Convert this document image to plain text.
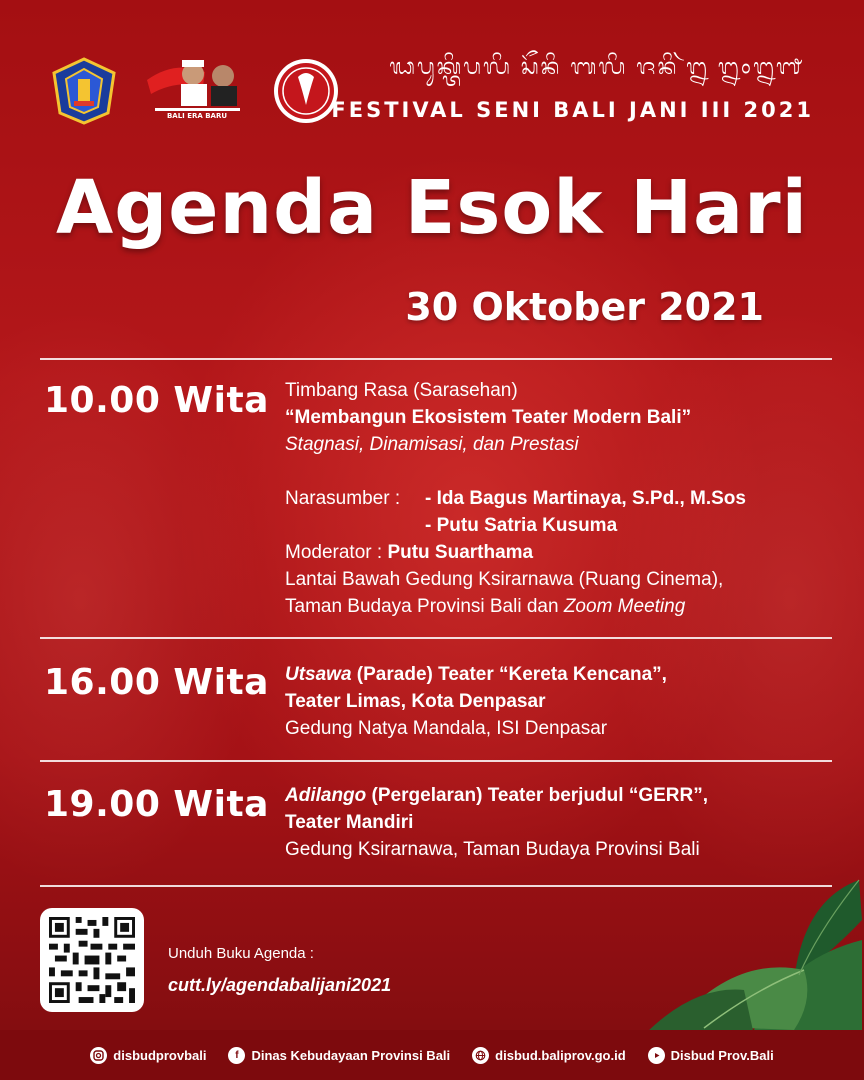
BALI ERA BARU
ᬖᬧᬸᬓ᭄ᬢᬶᬧᬮᬶ ᬲᭂᬦᬶ ᬩᬮᬶ ᬚᬦᬶ ᬃ᭒ ᭒᭐᭒᭑
FESTIVAL SENI BALI JANI III 2021
Agenda Esok Hari
30 Oktober 2021
10.00 Wita Timbang Rasa (Sarasehan)
“Membangun Ekosistem Teater Modern Bali”
Stagnasi, Dinamisasi, dan Prestasi
Narasumber : - Ida Bagus Martinaya, S.Pd., M.Sos
- Putu Satria Kusuma
Moderator : Putu Suarthama
Lantai Bawah Gedung Ksirarnawa (Ruang Cinema),
Taman Budaya Provinsi Bali dan Zoom Meeting
16.00 Wita Utsawa (Parade) Teater “Kereta Kencana”,
Teater Limas, Kota Denpasar
Gedung Natya Mandala, ISI Denpasar
19.00 Wita Adilango (Pergelaran) Teater berjudul “GERR”,
Teater Mandiri
Gedung Ksirarnawa, Taman Budaya Provinsi Bali
Unduh Buku Agenda :
cutt.ly/agendabalijani2021
disbudprovbali	f Dinas Kebudayaan Provinsi Bali	disbud.baliprov.go.id	Disbud Prov.Bali
